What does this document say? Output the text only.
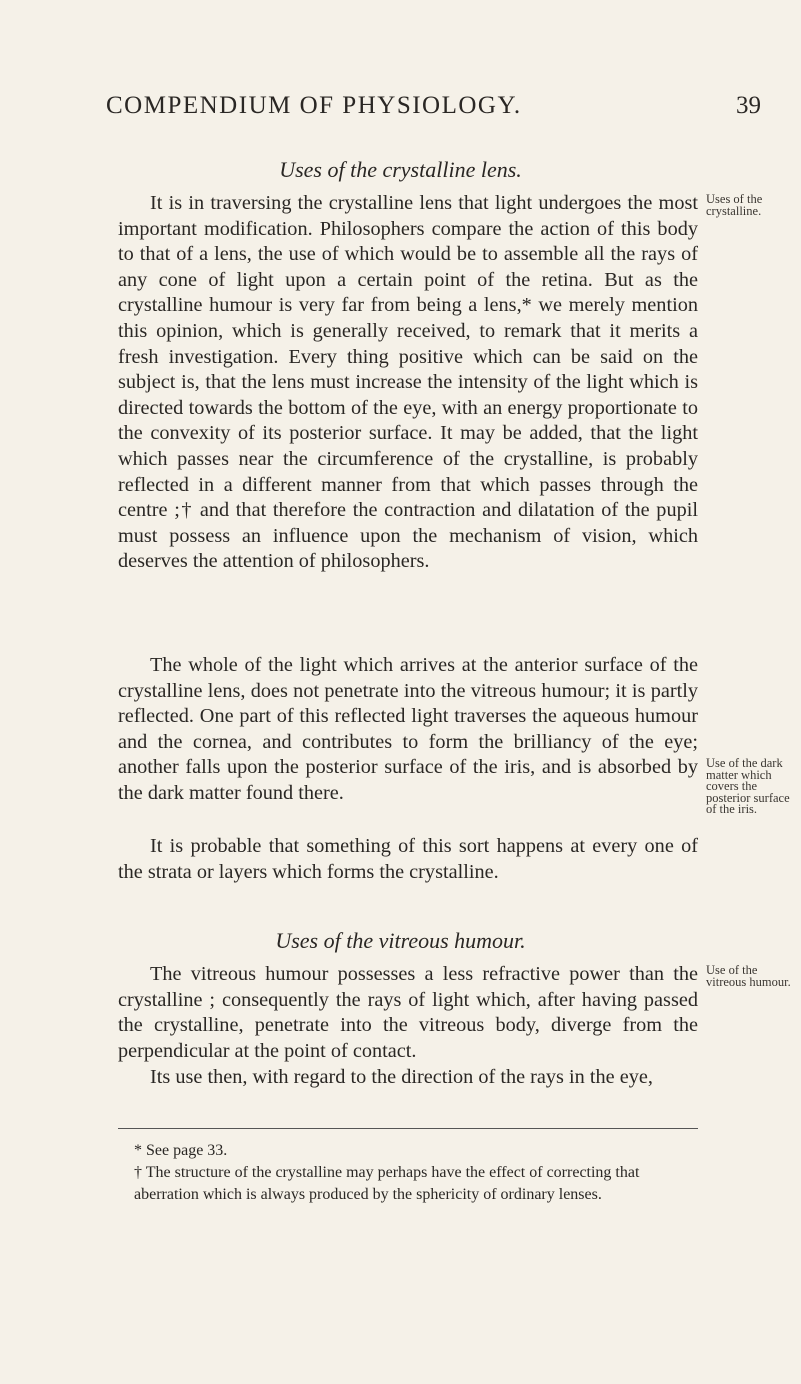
COMPENDIUM OF PHYSIOLOGY.	39
Uses of the crystalline lens.

It is in traversing the crystalline lens that light undergoes the most important modification. Philosophers compare the action of this body to that of a lens, the use of which would be to assemble all the rays of any cone of light upon a certain point of the retina. But as the crystalline humour is very far from being a lens,* we merely mention this opinion, which is generally received, to remark that it merits a fresh investigation. Every thing positive which can be said on the subject is, that the lens must increase the intensity of the light which is directed towards the bottom of the eye, with an energy proportionate to the convexity of its posterior surface. It may be added, that the light which passes near the circumference of the crystalline, is probably reflected in a different manner from that which passes through the centre ;† and that therefore the contraction and dilatation of the pupil must possess an influence upon the mechanism of vision, which deserves the attention of philosophers.

Uses of the crystalline.

The whole of the light which arrives at the anterior surface of the crystalline lens, does not penetrate into the vitreous humour; it is partly reflected. One part of this reflected light traverses the aqueous humour and the cornea, and contributes to form the brilliancy of the eye; another falls upon the posterior surface of the iris, and is absorbed by the dark matter found there.

Use of the dark matter which covers the posterior surface of the iris.

It is probable that something of this sort happens at every one of the strata or layers which forms the crystalline.

Uses of the vitreous humour.

The vitreous humour possesses a less refractive power than the crystalline ; consequently the rays of light which, after having passed the crystalline, penetrate into the vitreous body, diverge from the perpendicular at the point of contact.

Use of the vitreous humour.

Its use then, with regard to the direction of the rays in the eye,

* See page 33.

† The structure of the crystalline may perhaps have the effect of correcting that aberration which is always produced by the sphericity of ordinary lenses.
